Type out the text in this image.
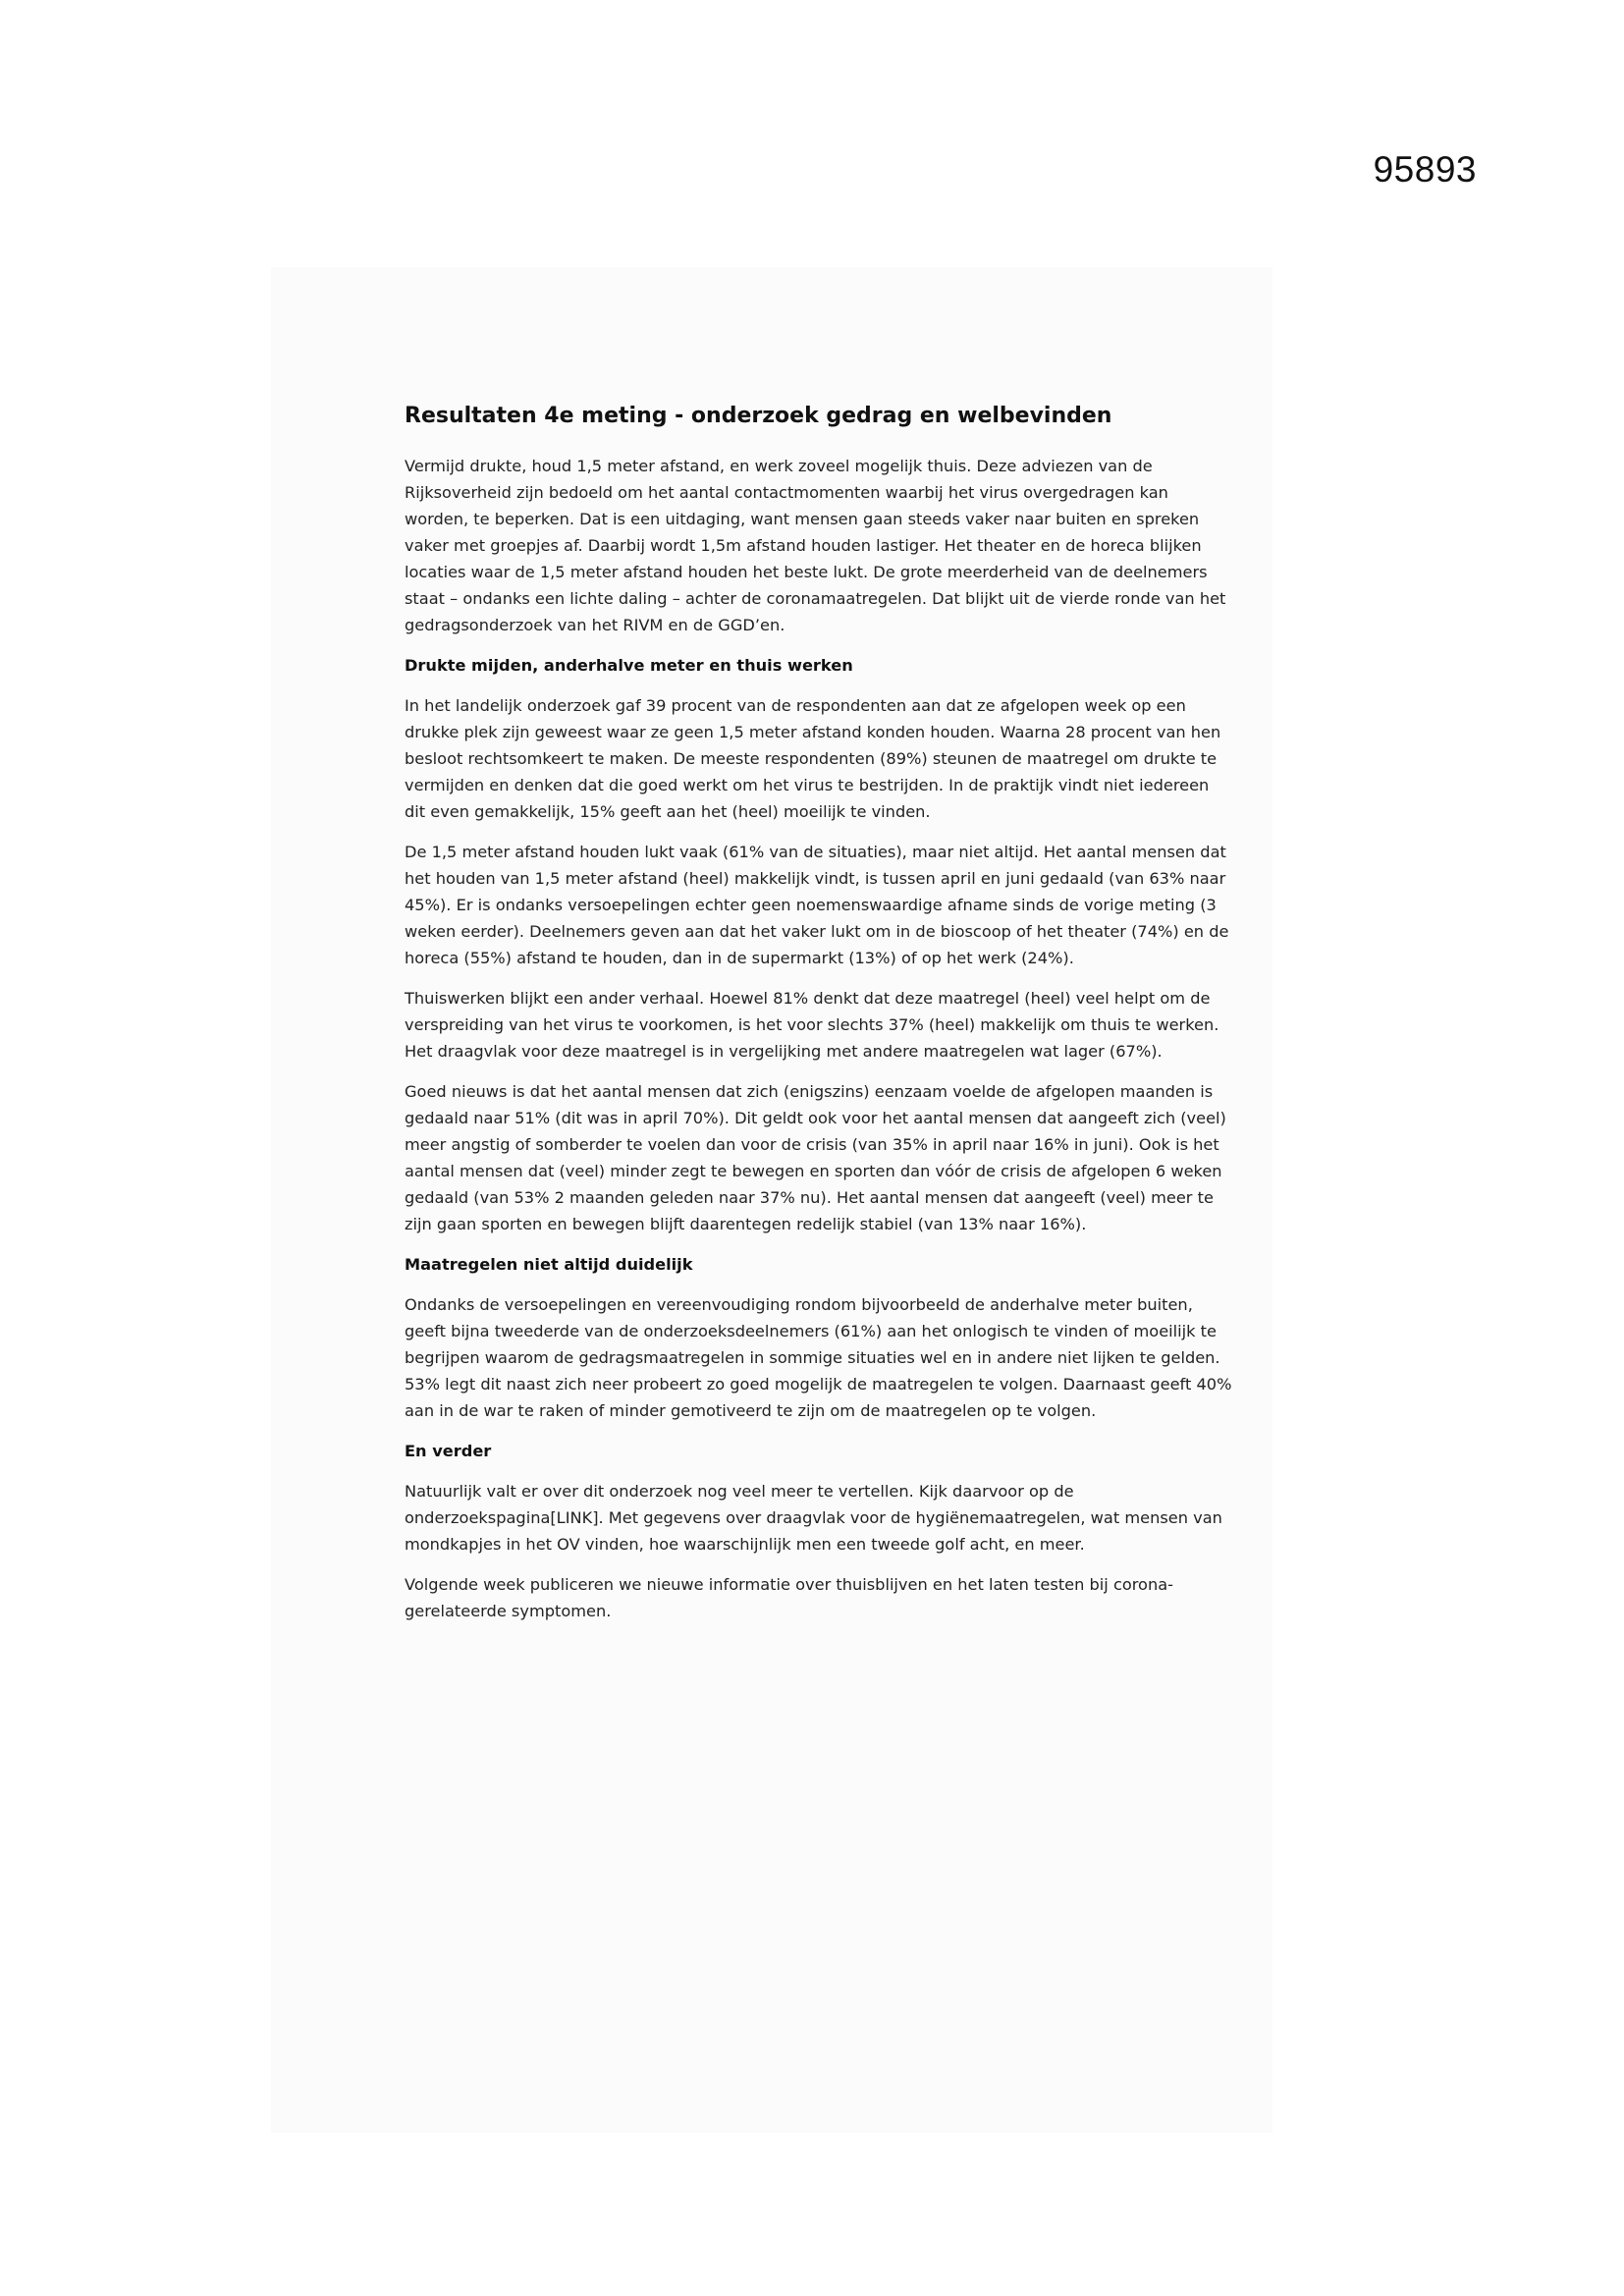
95893
Resultaten 4e meting - onderzoek gedrag en welbevinden

Vermijd drukte, houd 1,5 meter afstand, en werk zoveel mogelijk thuis. Deze adviezen van de Rijksoverheid zijn bedoeld om het aantal contactmomenten waarbij het virus overgedragen kan worden, te beperken. Dat is een uitdaging, want mensen gaan steeds vaker naar buiten en spreken vaker met groepjes af. Daarbij wordt 1,5m afstand houden lastiger. Het theater en de horeca blijken locaties waar de 1,5 meter afstand houden het beste lukt. De grote meerderheid van de deelnemers staat – ondanks een lichte daling – achter de coronamaatregelen. Dat blijkt uit de vierde ronde van het gedragsonderzoek van het RIVM en de GGD’en.

Drukte mijden, anderhalve meter en thuis werken

In het landelijk onderzoek gaf 39 procent van de respondenten aan dat ze afgelopen week op een drukke plek zijn geweest waar ze geen 1,5 meter afstand konden houden. Waarna 28 procent van hen besloot rechtsomkeert te maken. De meeste respondenten (89%) steunen de maatregel om drukte te vermijden en denken dat die goed werkt om het virus te bestrijden. In de praktijk vindt niet iedereen dit even gemakkelijk, 15% geeft aan het (heel) moeilijk te vinden.

De 1,5 meter afstand houden lukt vaak (61% van de situaties), maar niet altijd. Het aantal mensen dat het houden van 1,5 meter afstand (heel) makkelijk vindt, is tussen april en juni gedaald (van 63% naar 45%). Er is ondanks versoepelingen echter geen noemenswaardige afname sinds de vorige meting (3 weken eerder). Deelnemers geven aan dat het vaker lukt om in de bioscoop of het theater (74%) en de horeca (55%) afstand te houden, dan in de supermarkt (13%) of op het werk (24%).

Thuiswerken blijkt een ander verhaal. Hoewel 81% denkt dat deze maatregel (heel) veel helpt om de verspreiding van het virus te voorkomen, is het voor slechts 37% (heel) makkelijk om thuis te werken. Het draagvlak voor deze maatregel is in vergelijking met andere maatregelen wat lager (67%).

Goed nieuws is dat het aantal mensen dat zich (enigszins) eenzaam voelde de afgelopen maanden is gedaald naar 51% (dit was in april 70%). Dit geldt ook voor het aantal mensen dat aangeeft zich (veel) meer angstig of somberder te voelen dan voor de crisis (van 35% in april naar 16% in juni). Ook is het aantal mensen dat (veel) minder zegt te bewegen en sporten dan vóór de crisis de afgelopen 6 weken gedaald (van 53% 2 maanden geleden naar 37% nu). Het aantal mensen dat aangeeft (veel) meer te zijn gaan sporten en bewegen blijft daarentegen redelijk stabiel (van 13% naar 16%).

Maatregelen niet altijd duidelijk

Ondanks de versoepelingen en vereenvoudiging rondom bijvoorbeeld de anderhalve meter buiten, geeft bijna tweederde van de onderzoeksdeelnemers (61%) aan het onlogisch te vinden of moeilijk te begrijpen waarom de gedragsmaatregelen in sommige situaties wel en in andere niet lijken te gelden. 53% legt dit naast zich neer probeert zo goed mogelijk de maatregelen te volgen. Daarnaast geeft 40% aan in de war te raken of minder gemotiveerd te zijn om de maatregelen op te volgen.

En verder

Natuurlijk valt er over dit onderzoek nog veel meer te vertellen. Kijk daarvoor op de onderzoekspagina[LINK]. Met gegevens over draagvlak voor de hygiënemaatregelen, wat mensen van mondkapjes in het OV vinden, hoe waarschijnlijk men een tweede golf acht, en meer.

Volgende week publiceren we nieuwe informatie over thuisblijven en het laten testen bij corona-gerelateerde symptomen.
